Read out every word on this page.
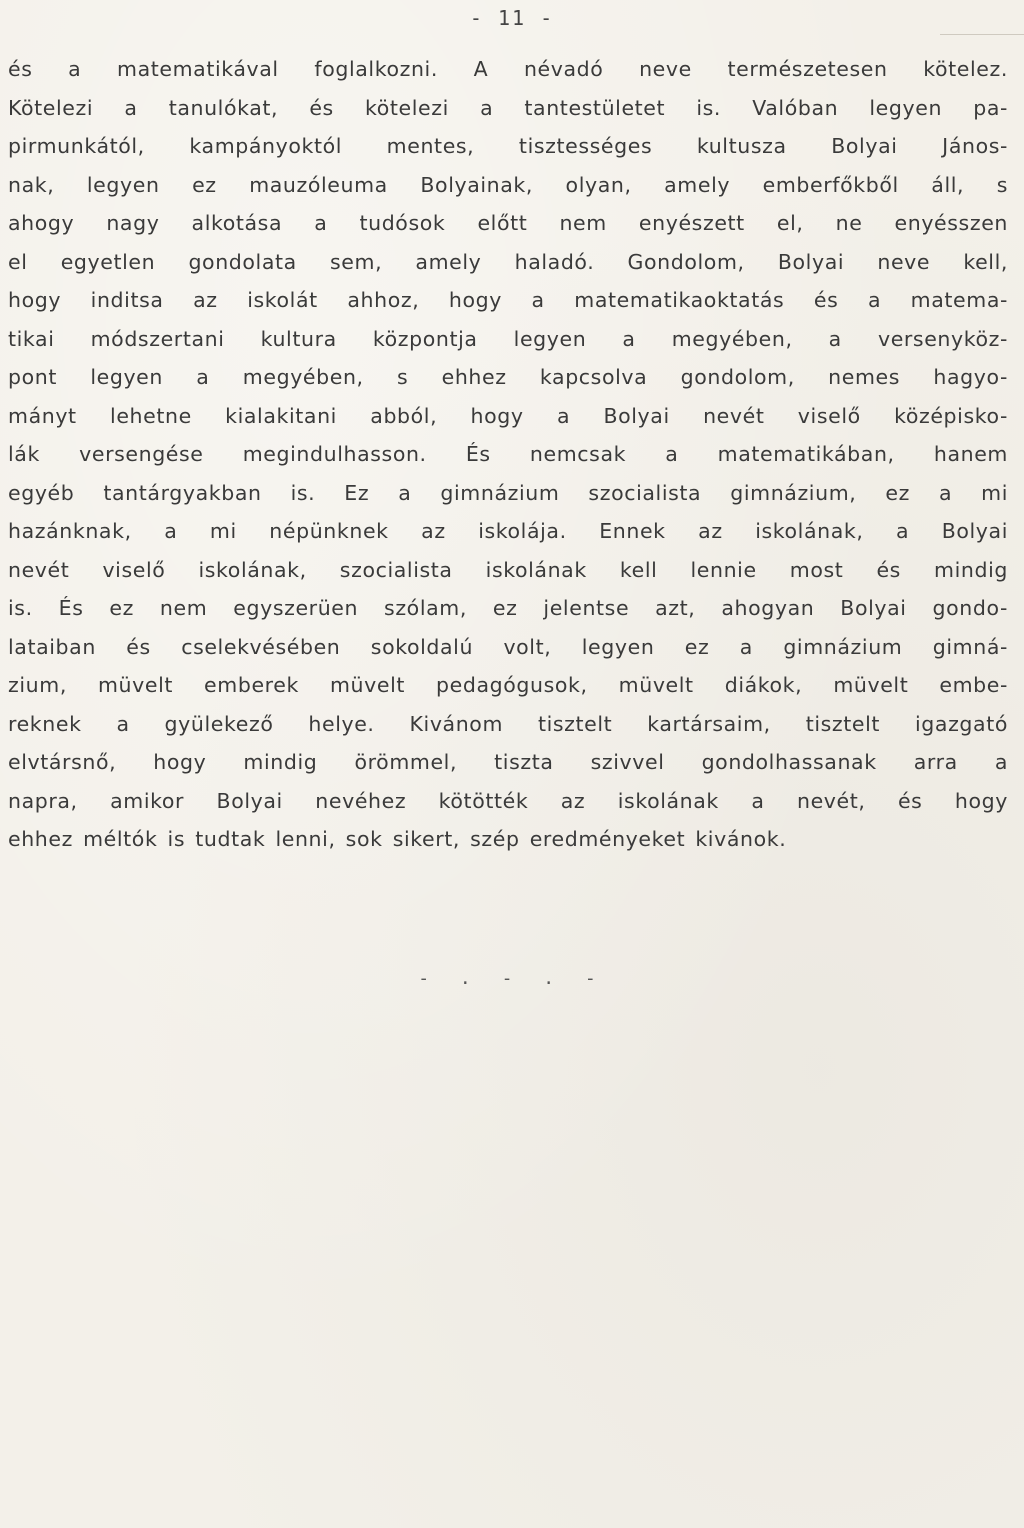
- 11 -
és a matematikával foglalkozni. A névadó neve természetesen kötelez.
Kötelezi a tanulókat, és kötelezi a tantestületet is. Valóban legyen pa-
pirmunkától, kampányoktól mentes, tisztességes kultusza Bolyai János-
nak, legyen ez mauzóleuma Bolyainak, olyan, amely emberfőkből áll, s
ahogy nagy alkotása a tudósok előtt nem enyészett el, ne enyésszen
el egyetlen gondolata sem, amely haladó. Gondolom, Bolyai neve kell,
hogy inditsa az iskolát ahhoz, hogy a matematikaoktatás és a matema-
tikai módszertani kultura központja legyen a megyében, a versenyköz-
pont legyen a megyében, s ehhez kapcsolva gondolom, nemes hagyo-
mányt lehetne kialakitani abból, hogy a Bolyai nevét viselő középisko-
lák versengése megindulhasson. És nemcsak a matematikában, hanem
egyéb tantárgyakban is. Ez a gimnázium szocialista gimnázium, ez a mi
hazánknak, a mi népünknek az iskolája. Ennek az iskolának, a Bolyai
nevét viselő iskolának, szocialista iskolának kell lennie most és mindig
is. És ez nem egyszerüen szólam, ez jelentse azt, ahogyan Bolyai gondo-
lataiban és cselekvésében sokoldalú volt, legyen ez a gimnázium gimná-
zium, müvelt emberek müvelt pedagógusok, müvelt diákok, müvelt embe-
reknek a gyülekező helye. Kivánom tisztelt kartársaim, tisztelt igazgató
elvtársnő, hogy mindig örömmel, tiszta szivvel gondolhassanak arra a
napra, amikor Bolyai nevéhez kötötték az iskolának a nevét, és hogy
ehhez méltók is tudtak lenni, sok sikert, szép eredményeket kivánok.
- . - . -
